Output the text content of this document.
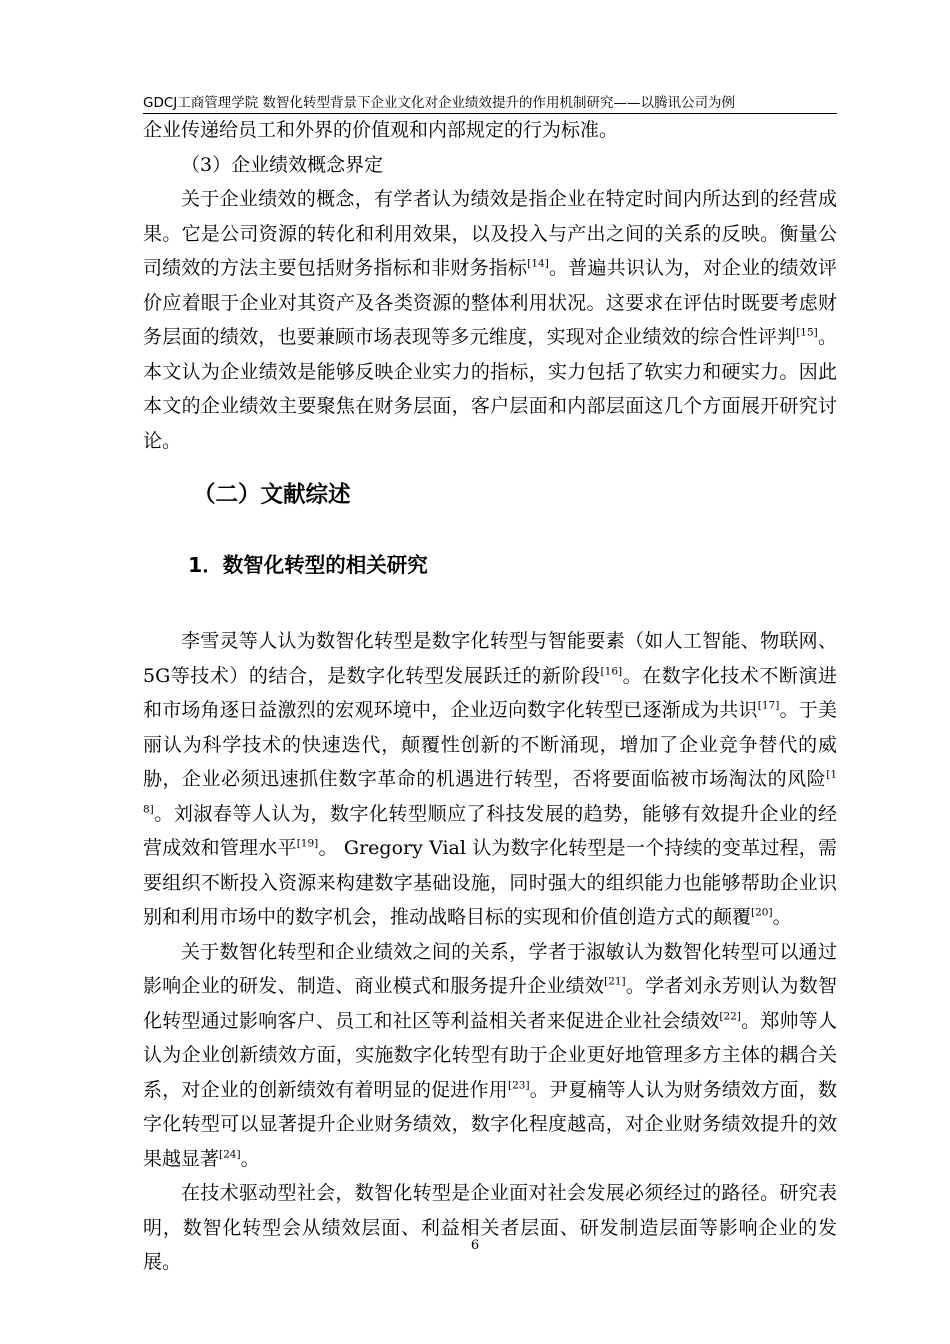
GDCJ工商管理学院 数智化转型背景下企业文化对企业绩效提升的作用机制研究——以腾讯公司为例

企业传递给员工和外界的价值观和内部规定的行为标准。

（3）企业绩效概念界定

关于企业绩效的概念，有学者认为绩效是指企业在特定时间内所达到的经营成果。它是公司资源的转化和利用效果，以及投入与产出之间的关系的反映。衡量公司绩效的方法主要包括财务指标和非财务指标[14]。普遍共识认为，对企业的绩效评价应着眼于企业对其资产及各类资源的整体利用状况。这要求在评估时既要考虑财务层面的绩效，也要兼顾市场表现等多元维度，实现对企业绩效的综合性评判[15]。本文认为企业绩效是能够反映企业实力的指标，实力包括了软实力和硬实力。因此本文的企业绩效主要聚焦在财务层面，客户层面和内部层面这几个方面展开研究讨论。

（二）文献综述
1．数智化转型的相关研究

李雪灵等人认为数智化转型是数字化转型与智能要素（如人工智能、物联网、5G等技术）的结合，是数字化转型发展跃迁的新阶段[16]。在数字化技术不断演进和市场角逐日益激烈的宏观环境中，企业迈向数字化转型已逐渐成为共识[17]。于美丽认为科学技术的快速迭代，颠覆性创新的不断涌现，增加了企业竞争替代的威胁，企业必须迅速抓住数字革命的机遇进行转型，否将要面临被市场淘汰的风险[18]。刘淑春等人认为，数字化转型顺应了科技发展的趋势，能够有效提升企业的经营成效和管理水平[19]。 Gregory Vial 认为数字化转型是一个持续的变革过程，需要组织不断投入资源来构建数字基础设施，同时强大的组织能力也能够帮助企业识别和利用市场中的数字机会，推动战略目标的实现和价值创造方式的颠覆[20]。

关于数智化转型和企业绩效之间的关系，学者于淑敏认为数智化转型可以通过影响企业的研发、制造、商业模式和服务提升企业绩效[21]。学者刘永芳则认为数智化转型通过影响客户、员工和社区等利益相关者来促进企业社会绩效[22]。郑帅等人认为企业创新绩效方面，实施数字化转型有助于企业更好地管理多方主体的耦合关系，对企业的创新绩效有着明显的促进作用[23]。尹夏楠等人认为财务绩效方面，数字化转型可以显著提升企业财务绩效，数字化程度越高，对企业财务绩效提升的效果越显著[24]。

在技术驱动型社会，数智化转型是企业面对社会发展必须经过的路径。研究表明，数智化转型会从绩效层面、利益相关者层面、研发制造层面等影响企业的发展。

6
